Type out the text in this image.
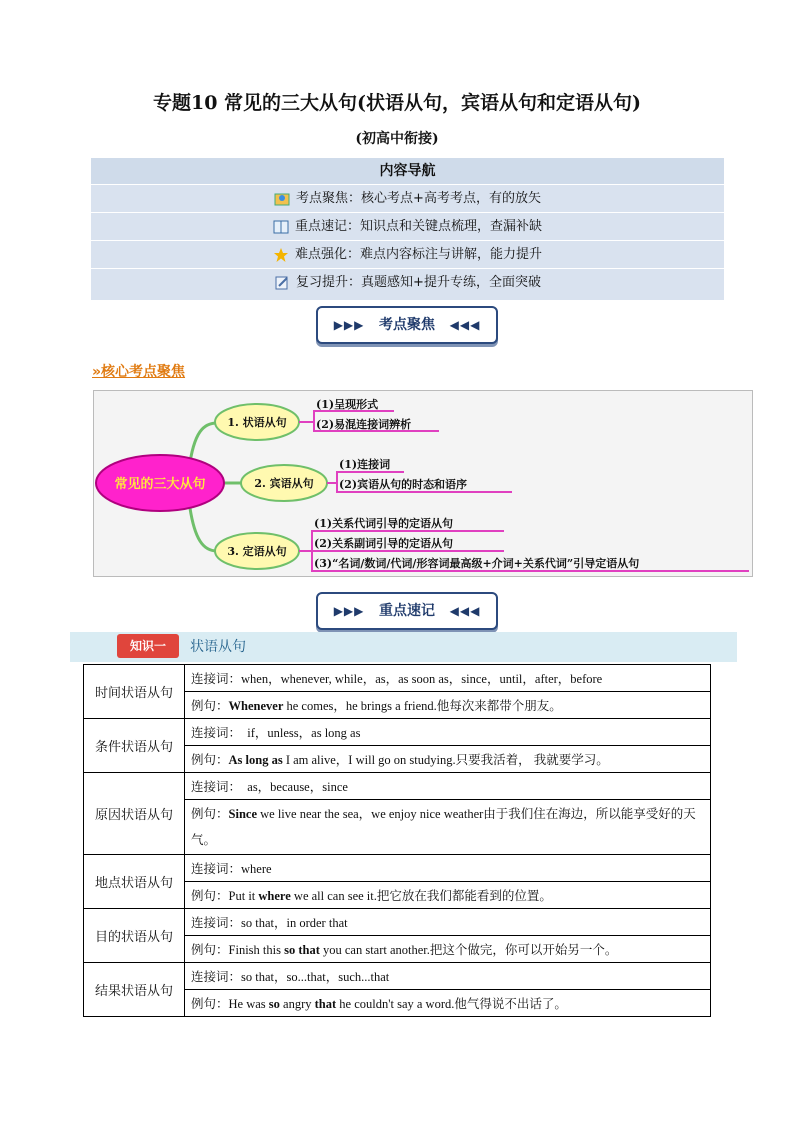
专题10 常见的三大从句(状语从句，宾语从句和定语从句)
(初高中衔接)
内容导航
考点聚焦：核心考点+高考考点，有的放矢
重点速记：知识点和关键点梳理，查漏补缺
难点强化：难点内容标注与讲解，能力提升
复习提升：真题感知+提升专练，全面突破
▶▶▶ 考点聚焦 ◀◀◀
»核心考点聚焦
常见的三大从句
1. 状语从句
2. 宾语从句
3. 定语从句
(1)呈现形式
(2)易混连接词辨析
(1)连接词
(2)宾语从句的时态和语序
(1)关系代词引导的定语从句
(2)关系副词引导的定语从句
(3)“名词/数词/代词/形容词最高级+介词+关系代词”引导定语从句
▶▶▶ 重点速记 ◀◀◀
知识一	状语从句
时间状语从句	连接词：when，whenever, while，as，as soon as，since，until，after，before
	例句：Whenever he comes，he brings a friend.他每次来都带个朋友。
条件状语从句	连接词：  if，unless，as long as
	例句：As long as I am alive，I will go on studying.只要我活着， 我就要学习。
原因状语从句	连接词：  as，because，since
	例句：Since we live near the sea，we enjoy nice weather由于我们住在海边，所以能享受好的天气。
地点状语从句	连接词：where
	例句：Put it where we all can see it.把它放在我们都能看到的位置。
目的状语从句	连接词：so that，in order that
	例句：Finish this so that you can start another.把这个做完，你可以开始另一个。
结果状语从句	连接词：so that，so...that，such...that
	例句：He was so angry that he couldn't say a word.他气得说不出话了。
